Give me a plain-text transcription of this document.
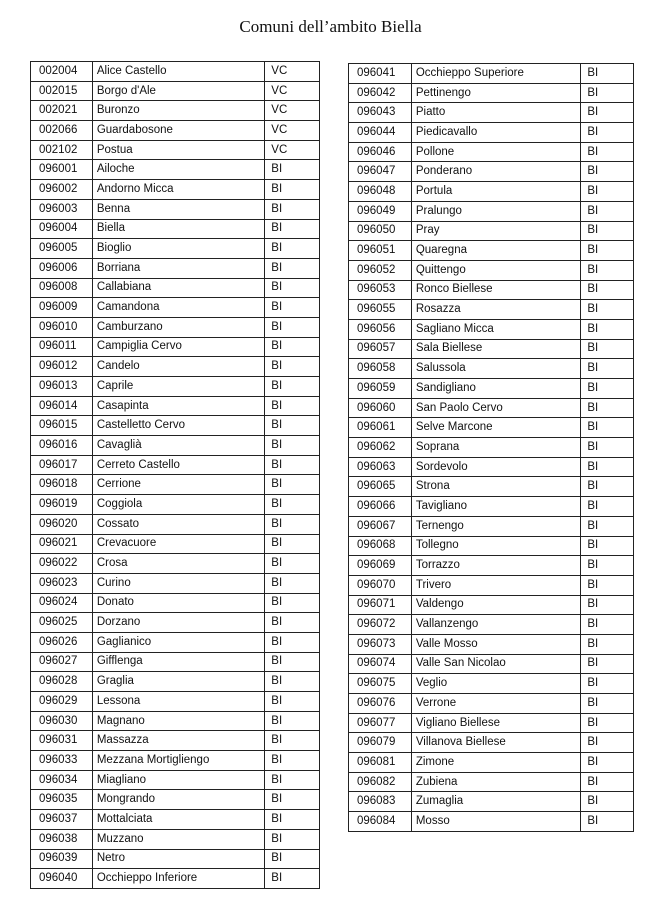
Comuni dell’ambito Biella
002004	Alice Castello	VC
002015	Borgo d'Ale	VC
002021	Buronzo	VC
002066	Guardabosone	VC
002102	Postua	VC
096001	Ailoche	BI
096002	Andorno Micca	BI
096003	Benna	BI
096004	Biella	BI
096005	Bioglio	BI
096006	Borriana	BI
096008	Callabiana	BI
096009	Camandona	BI
096010	Camburzano	BI
096011	Campiglia Cervo	BI
096012	Candelo	BI
096013	Caprile	BI
096014	Casapinta	BI
096015	Castelletto Cervo	BI
096016	Cavaglià	BI
096017	Cerreto Castello	BI
096018	Cerrione	BI
096019	Coggiola	BI
096020	Cossato	BI
096021	Crevacuore	BI
096022	Crosa	BI
096023	Curino	BI
096024	Donato	BI
096025	Dorzano	BI
096026	Gaglianico	BI
096027	Gifflenga	BI
096028	Graglia	BI
096029	Lessona	BI
096030	Magnano	BI
096031	Massazza	BI
096033	Mezzana Mortigliengo	BI
096034	Miagliano	BI
096035	Mongrando	BI
096037	Mottalciata	BI
096038	Muzzano	BI
096039	Netro	BI
096040	Occhieppo Inferiore	BI
096041	Occhieppo Superiore	BI
096042	Pettinengo	BI
096043	Piatto	BI
096044	Piedicavallo	BI
096046	Pollone	BI
096047	Ponderano	BI
096048	Portula	BI
096049	Pralungo	BI
096050	Pray	BI
096051	Quaregna	BI
096052	Quittengo	BI
096053	Ronco Biellese	BI
096055	Rosazza	BI
096056	Sagliano Micca	BI
096057	Sala Biellese	BI
096058	Salussola	BI
096059	Sandigliano	BI
096060	San Paolo Cervo	BI
096061	Selve Marcone	BI
096062	Soprana	BI
096063	Sordevolo	BI
096065	Strona	BI
096066	Tavigliano	BI
096067	Ternengo	BI
096068	Tollegno	BI
096069	Torrazzo	BI
096070	Trivero	BI
096071	Valdengo	BI
096072	Vallanzengo	BI
096073	Valle Mosso	BI
096074	Valle San Nicolao	BI
096075	Veglio	BI
096076	Verrone	BI
096077	Vigliano Biellese	BI
096079	Villanova Biellese	BI
096081	Zimone	BI
096082	Zubiena	BI
096083	Zumaglia	BI
096084	Mosso	BI
